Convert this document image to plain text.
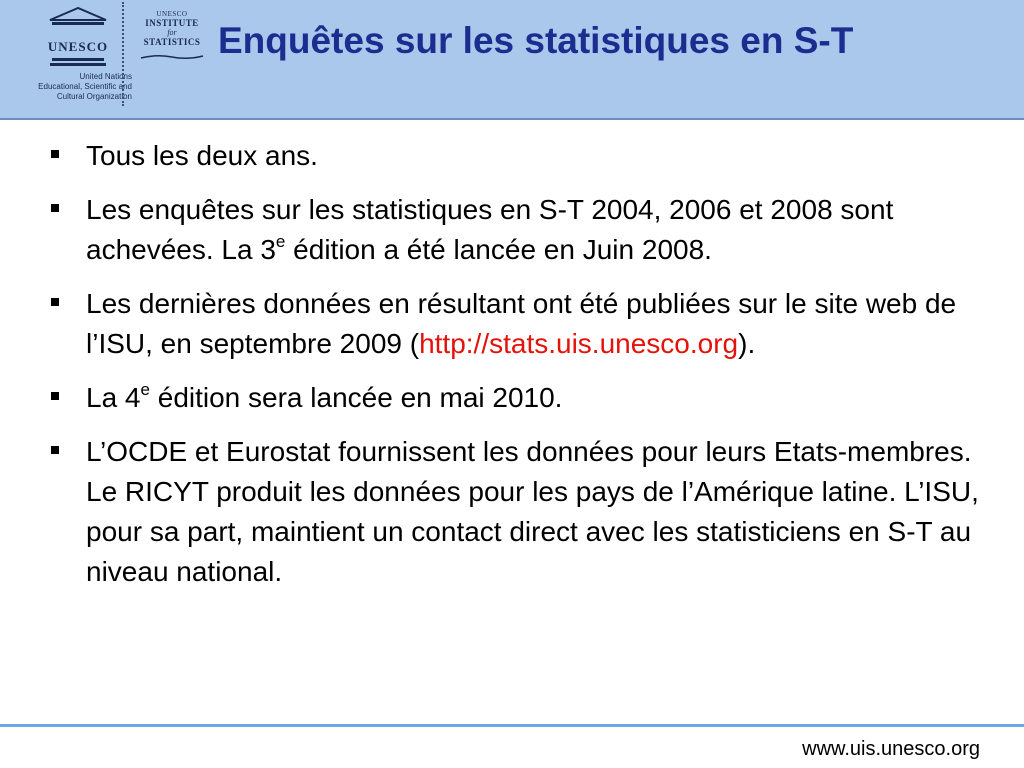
UNESCO
United Nations
Educational, Scientific and
Cultural Organization
UNESCO
INSTITUTE
for
STATISTICS Enquêtes sur les statistiques en S-T
Tous les deux ans.
Les enquêtes sur les statistiques en S-T 2004, 2006 et 2008 sont achevées. La 3e édition a été lancée en Juin 2008.
Les dernières données en résultant ont été publiées sur le site web de l’ISU, en septembre 2009 (http://stats.uis.unesco.org).
La 4e édition sera lancée en mai 2010.
L’OCDE et Eurostat fournissent les données pour leurs Etats-membres. Le RICYT produit les données pour les pays de l’Amérique latine. L’ISU, pour sa part, maintient un contact direct avec les statisticiens en S-T au niveau national.
www.uis.unesco.org
